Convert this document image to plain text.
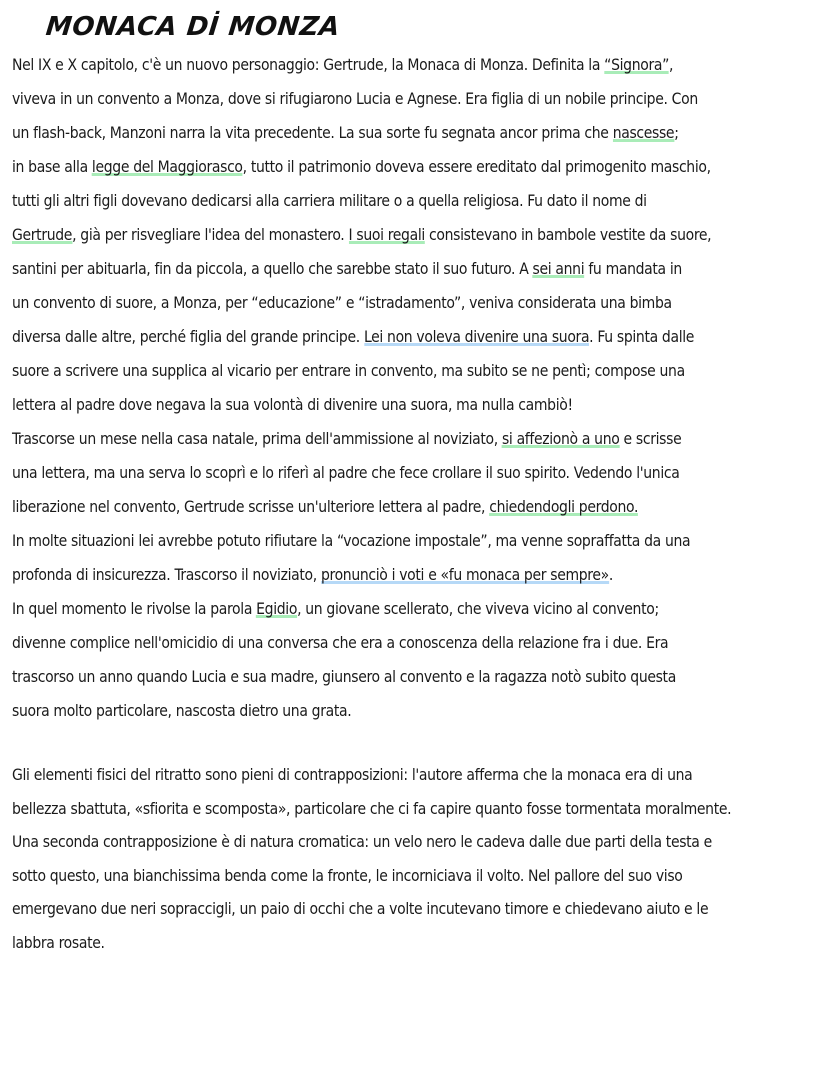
MONACA Dİ MONZA
Nel IX e X capitolo, c'è un nuovo personaggio: Gertrude, la Monaca di Monza. Definita la “Signora”,
viveva in un convento a Monza, dove si rifugiarono Lucia e Agnese. Era figlia di un nobile principe. Con
un flash-back, Manzoni narra la vita precedente. La sua sorte fu segnata ancor prima che nascesse;
in base alla legge del Maggiorasco, tutto il patrimonio doveva essere ereditato dal primogenito maschio,
tutti gli altri figli dovevano dedicarsi alla carriera militare o a quella religiosa. Fu dato il nome di
Gertrude, già per risvegliare l'idea del monastero. I suoi regali consistevano in bambole vestite da suore,
santini per abituarla, fin da piccola, a quello che sarebbe stato il suo futuro. A sei anni fu mandata in
un convento di suore, a Monza, per “educazione” e “istradamento”, veniva considerata una bimba
diversa dalle altre, perché figlia del grande principe. Lei non voleva divenire una suora. Fu spinta dalle
suore a scrivere una supplica al vicario per entrare in convento, ma subito se ne pentì; compose una
lettera al padre dove negava la sua volontà di divenire una suora, ma nulla cambiò!
Trascorse un mese nella casa natale, prima dell'ammissione al noviziato, si affezionò a uno e scrisse
una lettera, ma una serva lo scoprì e lo riferì al padre che fece crollare il suo spirito. Vedendo l'unica
liberazione nel convento, Gertrude scrisse un'ulteriore lettera al padre, chiedendogli perdono.
In molte situazioni lei avrebbe potuto rifiutare la “vocazione impostale”, ma venne sopraffatta da una
profonda di insicurezza. Trascorso il noviziato, pronunciò i voti e «fu monaca per sempre».
In quel momento le rivolse la parola Egidio, un giovane scellerato, che viveva vicino al convento;
divenne complice nell'omicidio di una conversa che era a conoscenza della relazione fra i due. Era
trascorso un anno quando Lucia e sua madre, giunsero al convento e la ragazza notò subito questa
suora molto particolare, nascosta dietro una grata.
Gli elementi fisici del ritratto sono pieni di contrapposizioni: l'autore afferma che la monaca era di una
bellezza sbattuta, «sfiorita e scomposta», particolare che ci fa capire quanto fosse tormentata moralmente.
Una seconda contrapposizione è di natura cromatica: un velo nero le cadeva dalle due parti della testa e
sotto questo, una bianchissima benda come la fronte, le incorniciava il volto. Nel pallore del suo viso
emergevano due neri sopraccigli, un paio di occhi che a volte incutevano timore e chiedevano aiuto e le
labbra rosate.
